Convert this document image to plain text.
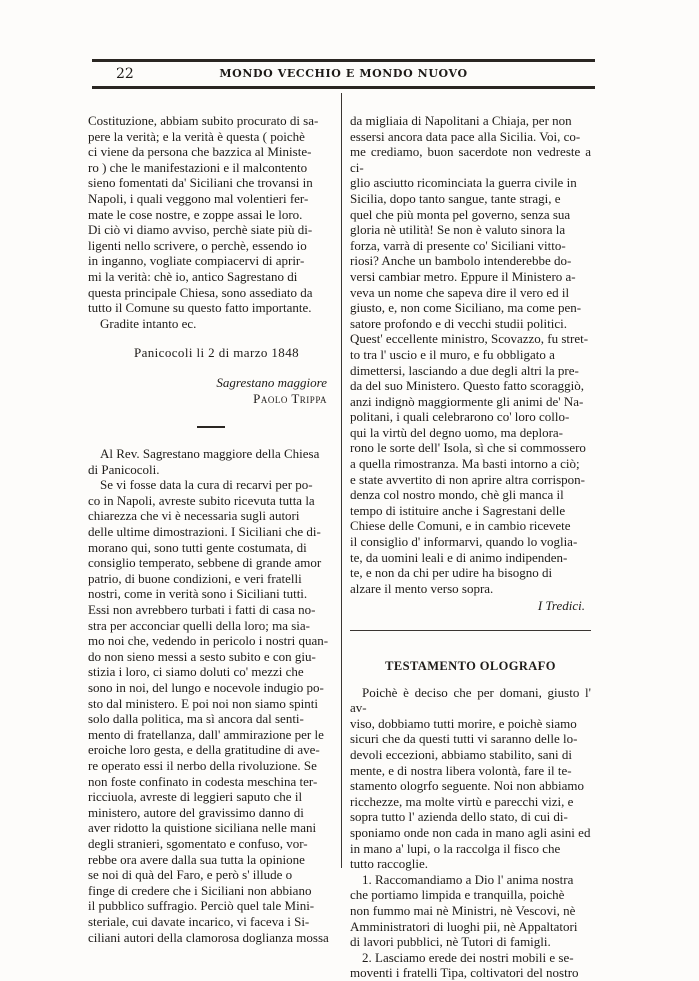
22	MONDO VECCHIO E MONDO NUOVO
Costituzione, abbiam subito procurato di sa-
pere la verità; e la verità è questa ( poichè
ci viene da persona che bazzica al Ministe-
ro ) che le manifestazioni e il malcontento
sieno fomentati da' Siciliani che trovansi in
Napoli, i quali veggono mal volentieri fer-
mate le cose nostre, e zoppe assai le loro.
Di ciò vi diamo avviso, perchè siate più di-
ligenti nello scrivere, o perchè, essendo io
in inganno, vogliate compiacervi di aprir-
mi la verità: chè io, antico Sagrestano di
questa principale Chiesa, sono assediato da
tutto il Comune su questo fatto importante.

Gradite intanto ec.

Panicocoli li 2 di marzo 1848

Sagrestano maggiore

Paolo Trippa

Al Rev. Sagrestano maggiore della Chiesa
di Panicocoli.
Se vi fosse data la cura di recarvi per po-
co in Napoli, avreste subito ricevuta tutta la
chiarezza che vi è necessaria sugli autori
delle ultime dimostrazioni. I Siciliani che di-
morano qui, sono tutti gente costumata, di
consiglio temperato, sebbene di grande amor
patrio, di buone condizioni, e veri fratelli
nostri, come in verità sono i Siciliani tutti.
Essi non avrebbero turbati i fatti di casa no-
stra per acconciar quelli della loro; ma sia-
mo noi che, vedendo in pericolo i nostri quan-
do non sieno messi a sesto subito e con giu-
stizia i loro, ci siamo doluti co' mezzi che
sono in noi, del lungo e nocevole indugio po-
sto dal ministero. E poi noi non siamo spinti
solo dalla politica, ma sì ancora dal senti-
mento di fratellanza, dall' ammirazione per le
eroiche loro gesta, e della gratitudine di ave-
re operato essi il nerbo della rivoluzione. Se
non foste confinato in codesta meschina ter-
ricciuola, avreste di leggieri saputo che il
ministero, autore del gravissimo danno di
aver ridotto la quistione siciliana nelle mani
degli stranieri, sgomentato e confuso, vor-
rebbe ora avere dalla sua tutta la opinione
se noi di quà del Faro, e però s' illude o
finge di credere che i Siciliani non abbiano
il pubblico suffragio. Perciò quel tale Mini-
steriale, cui davate incarico, vi faceva i Si-
ciliani autori della clamorosa doglianza mossa
da migliaia di Napolitani a Chiaja, per non
essersi ancora data pace alla Sicilia. Voi, co-
me crediamo, buon sacerdote non vedreste a ci-
glio asciutto ricominciata la guerra civile in
Sicilia, dopo tanto sangue, tante stragi, e
quel che più monta pel governo, senza sua
gloria nè utilità! Se non è valuto sinora la
forza, varrà di presente co' Siciliani vitto-
riosi? Anche un bambolo intenderebbe do-
versi cambiar metro. Eppure il Ministero a-
veva un nome che sapeva dire il vero ed il
giusto, e, non come Siciliano, ma come pen-
satore profondo e di vecchi studii politici.
Quest' eccellente ministro, Scovazzo, fu stret-
to tra l' uscio e il muro, e fu obbligato a
dimettersi, lasciando a due degli altri la pre-
da del suo Ministero. Questo fatto scoraggiò,
anzi indignò maggiormente gli animi de' Na-
politani, i quali celebrarono co' loro collo-
qui la virtù del degno uomo, ma deplora-
rono le sorte dell' Isola, sì che si commossero
a quella rimostranza. Ma basti intorno a ciò;
e state avvertito di non aprire altra corrispon-
denza col nostro mondo, chè gli manca il
tempo di istituire anche i Sagrestani delle
Chiese delle Comuni, e in cambio ricevete
il consiglio d' informarvi, quando lo voglia-
te, da uomini leali e di animo indipenden-
te, e non da chi per udire ha bisogno di
alzare il mento verso sopra.

I Tredici.

TESTAMENTO OLOGRAFO
Poichè è deciso che per domani, giusto l' av-
viso, dobbiamo tutti morire, e poichè siamo
sicuri che da questi tutti vi saranno delle lo-
devoli eccezioni, abbiamo stabilito, sani di
mente, e di nostra libera volontà, fare il te-
stamento ologrfo seguente. Noi non abbiamo
ricchezze, ma molte virtù e parecchi vizi, e
sopra tutto l' azienda dello stato, di cui di-
sponiamo onde non cada in mano agli asini ed
in mano a' lupi, o la raccolga il fisco che
tutto raccoglie.
1. Raccomandiamo a Dio l' anima nostra
che portiamo limpida e tranquilla, poichè
non fummo mai nè Ministri, nè Vescovi, nè
Amministratori di luoghi pii, nè Appaltatori
di lavori pubblici, nè Tutori di famigli.
2. Lasciamo erede dei nostri mobili e se-
moventi i fratelli Tipa, coltivatori del nostro
